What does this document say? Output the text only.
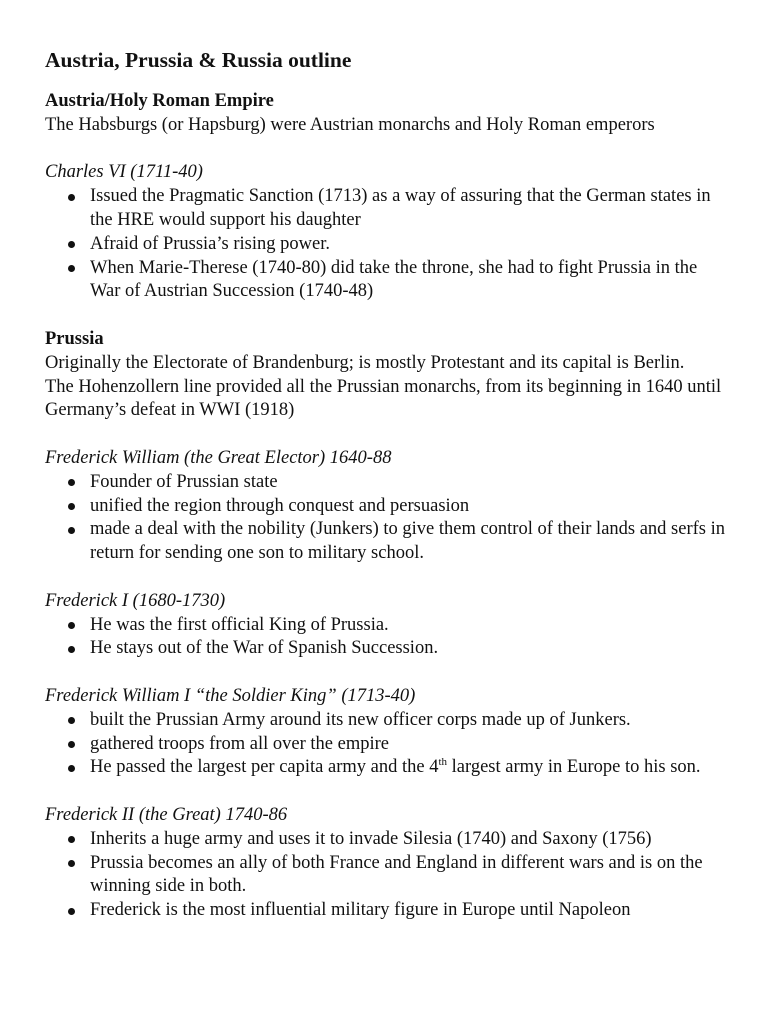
Austria, Prussia & Russia outline
Austria/Holy Roman Empire

The Habsburgs (or Hapsburg) were Austrian monarchs and Holy Roman emperors

Charles VI (1711-40)

Issued the Pragmatic Sanction (1713) as a way of assuring that the German states in the HRE would support his daughter
Afraid of Prussia’s rising power.
When Marie-Therese (1740-80) did take the throne, she had to fight Prussia in the War of Austrian Succession (1740-48)
Prussia

Originally the Electorate of Brandenburg; is mostly Protestant and its capital is Berlin.

The Hohenzollern line provided all the Prussian monarchs, from its beginning in 1640 until Germany’s defeat in WWI (1918)

Frederick William (the Great Elector) 1640-88

Founder of Prussian state
unified the region through conquest and persuasion
made a deal with the nobility (Junkers) to give them control of their lands and serfs in return for sending one son to military school.

Frederick I (1680-1730)

He was the first official King of Prussia.
He stays out of the War of Spanish Succession.

Frederick William I “the Soldier King” (1713-40)

built the Prussian Army around its new officer corps made up of Junkers.
gathered troops from all over the empire
He passed the largest per capita army and the 4th largest army in Europe to his son.

Frederick II (the Great) 1740-86

Inherits a huge army and uses it to invade Silesia (1740) and Saxony (1756)
Prussia becomes an ally of both France and England in different wars and is on the winning side in both.
Frederick is the most influential military figure in Europe until Napoleon
